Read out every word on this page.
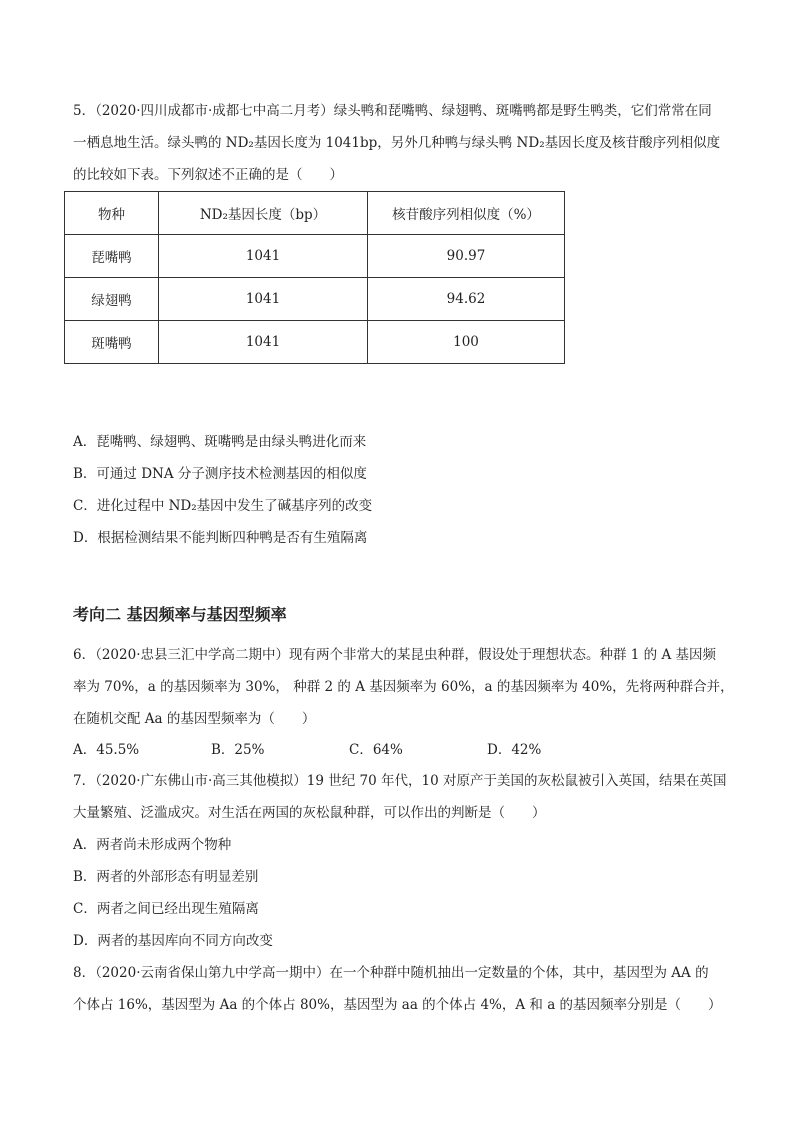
5．（2020·四川成都市·成都七中高二月考）绿头鸭和琵嘴鸭、绿翅鸭、斑嘴鸭都是野生鸭类，它们常常在同
一栖息地生活。绿头鸭的 ND₂基因长度为 1041bp，另外几种鸭与绿头鸭 ND₂基因长度及核苷酸序列相似度
的比较如下表。下列叙述不正确的是（　　）
物种	ND₂基因长度（bp）	核苷酸序列相似度（%）
琵嘴鸭	1041	90.97
绿翅鸭	1041	94.62
斑嘴鸭	1041	100
A．琵嘴鸭、绿翅鸭、斑嘴鸭是由绿头鸭进化而来
B．可通过 DNA 分子测序技术检测基因的相似度
C．进化过程中 ND₂基因中发生了碱基序列的改变
D．根据检测结果不能判断四种鸭是否有生殖隔离
考向二 基因频率与基因型频率
6．（2020·忠县三汇中学高二期中）现有两个非常大的某昆虫种群，假设处于理想状态。种群 1 的 A 基因频
率为 70%，a 的基因频率为 30%， 种群 2 的 A 基因频率为 60%，a 的基因频率为 40%，先将两种群合并，
在随机交配 Aa 的基因型频率为（　　）
A．45.5%	B．25%	C．64%	D．42%
7．（2020·广东佛山市·高三其他模拟）19 世纪 70 年代，10 对原产于美国的灰松鼠被引入英国，结果在英国
大量繁殖、泛滥成灾。对生活在两国的灰松鼠种群，可以作出的判断是（　　）
A．两者尚未形成两个物种
B．两者的外部形态有明显差别
C．两者之间已经出现生殖隔离
D．两者的基因库向不同方向改变
8．（2020·云南省保山第九中学高一期中）在一个种群中随机抽出一定数量的个体，其中，基因型为 AA 的
个体占 16%，基因型为 Aa 的个体占 80%，基因型为 aa 的个体占 4%，A 和 a 的基因频率分别是（　　）
